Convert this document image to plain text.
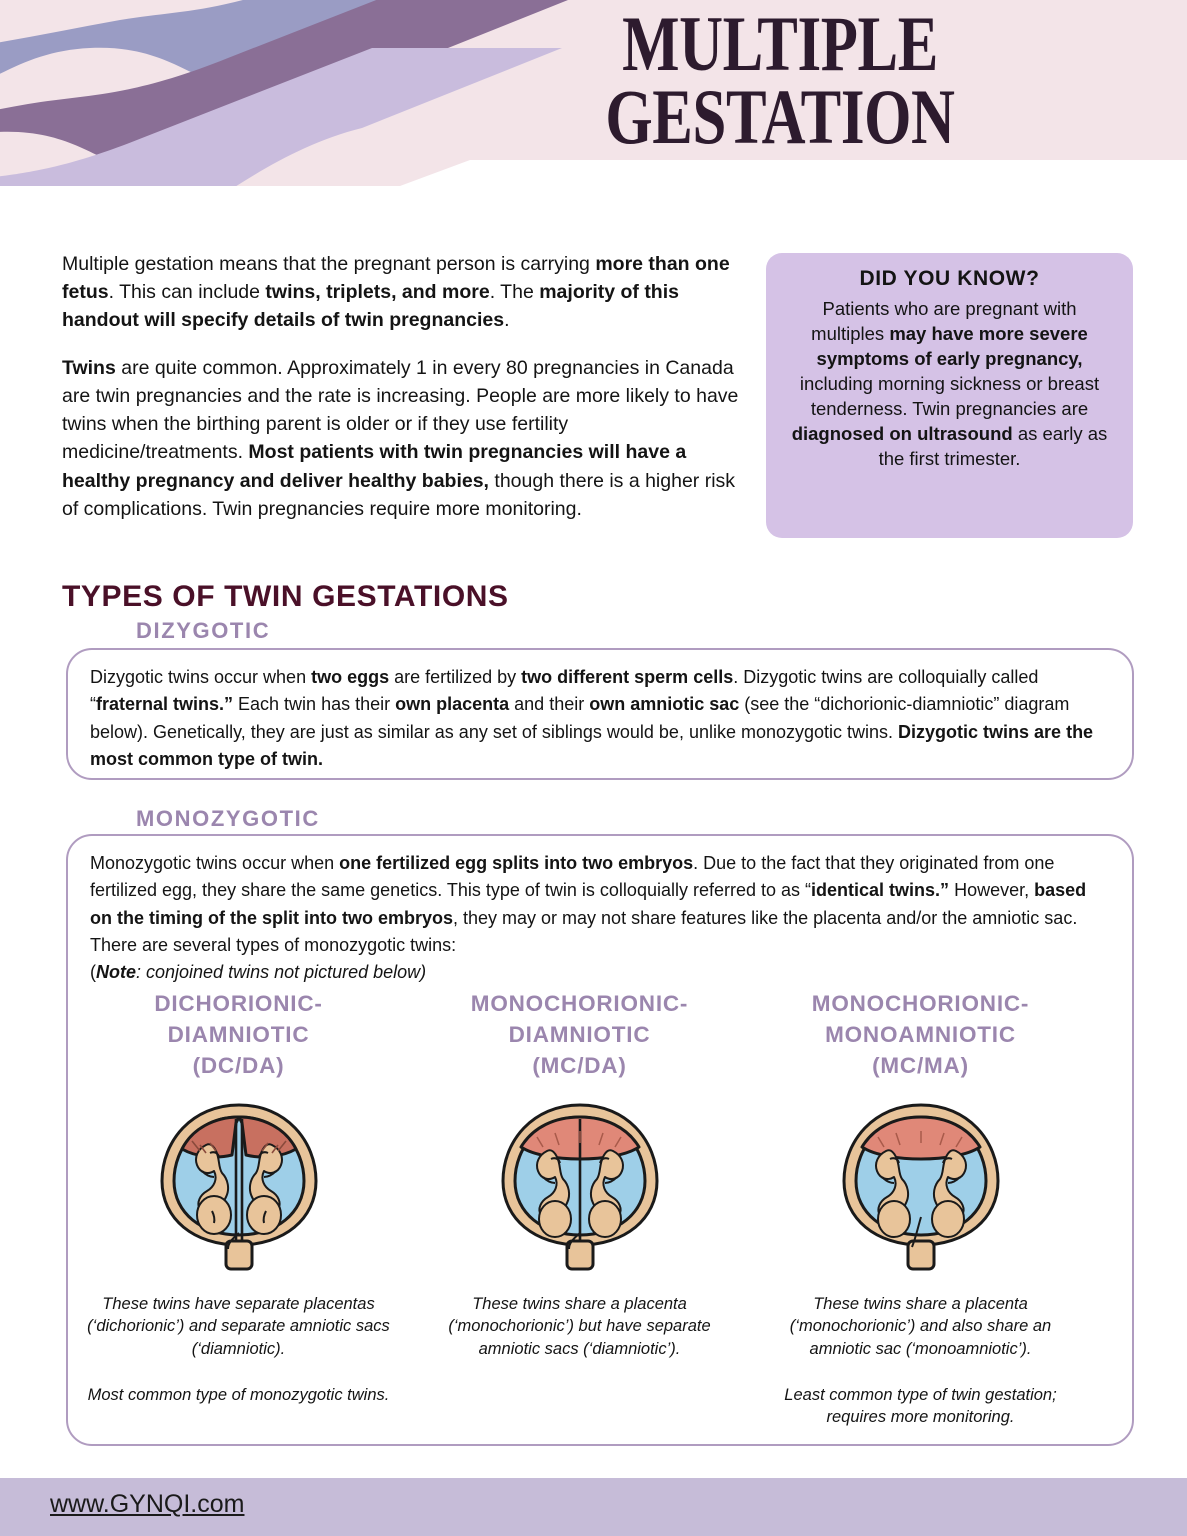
MULTIPLE
GESTATION

Multiple gestation means that the pregnant person is carrying more than one fetus. This can include twins, triplets, and more. The majority of this handout will specify details of twin pregnancies.

Twins are quite common. Approximately 1 in every 80 pregnancies in Canada are twin pregnancies and the rate is increasing. People are more likely to have twins when the birthing parent is older or if they use fertility medicine/treatments. Most patients with twin pregnancies will have a healthy pregnancy and deliver healthy babies, though there is a higher risk of complications. Twin pregnancies require more monitoring.

DID YOU KNOW?
Patients who are pregnant with multiples may have more severe symptoms of early pregnancy, including morning sickness or breast tenderness. Twin pregnancies are diagnosed on ultrasound as early as the first trimester.
TYPES OF TWIN GESTATIONS
DIZYGOTIC
MONOZYGOTIC
Dizygotic twins occur when two eggs are fertilized by two different sperm cells. Dizygotic twins are colloquially called “fraternal twins.” Each twin has their own placenta and their own amniotic sac (see the “dichorionic-diamniotic” diagram below). Genetically, they are just as similar as any set of siblings would be, unlike monozygotic twins. Dizygotic twins are the most common type of twin.
Monozygotic twins occur when one fertilized egg splits into two embryos. Due to the fact that they originated from one fertilized egg, they share the same genetics. This type of twin is colloquially referred to as “identical twins.” However, based on the timing of the split into two embryos, they may or may not share features like the placenta and/or the amniotic sac. There are several types of monozygotic twins:
(Note: conjoined twins not pictured below)
DICHORIONIC-
DIAMNIOTIC
(DC/DA)
These twins have separate placentas (‘dichorionic’) and separate amniotic sacs (‘diamniotic).
Most common type of monozygotic twins.
MONOCHORIONIC-
DIAMNIOTIC
(MC/DA)
These twins share a placenta (‘monochorionic’) but have separate amniotic sacs (‘diamniotic’).
MONOCHORIONIC-
MONOAMNIOTIC
(MC/MA)
These twins share a placenta (‘monochorionic’) and also share an amniotic sac (‘monoamniotic’).
Least common type of twin gestation; requires more monitoring.
www.GYNQI.com
